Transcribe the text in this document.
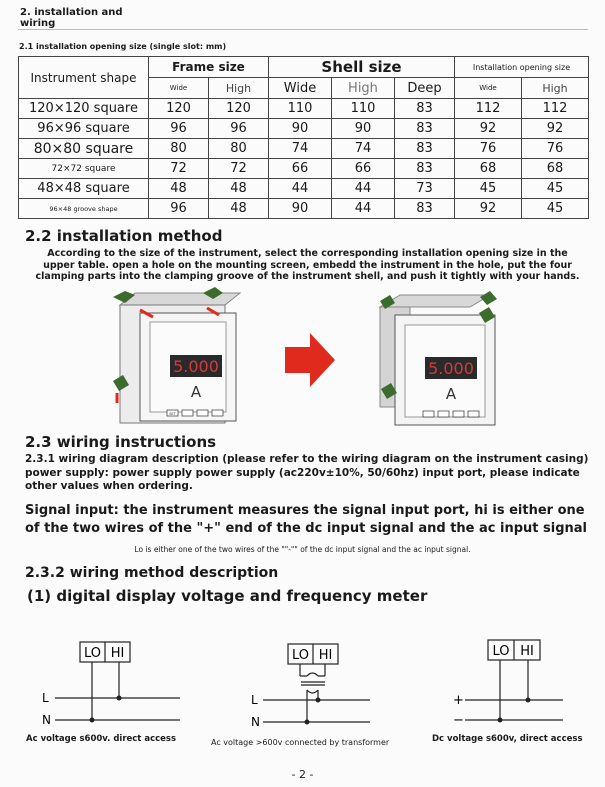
2. installation and wiring
2.1 installation opening size (single slot: mm)
Instrument shape	Frame size		Shell size			Installation opening size	
	Wide	High	Wide	High	Deep	Wide	High
120×120 square	120	120	110	110	83	112	112
96×96 square	96	96	90	90	83	92	92
80×80 square	80	80	74	74	83	76	76
72×72 square	72	72	66	66	83	68	68
48×48 square	48	48	44	44	73	45	45
96×48 groove shape	96	48	90	44	83	92	45
2.2 installation method
According to the size of the instrument, select the corresponding installation opening size in the upper table. open a hole on the mounting screen, embedd the instrument in the hole, put the four clamping parts into the clamping groove of the instrument shell, and push it tightly with your hands.
5.000
A
SET
5.000
A
2.3 wiring instructions
2.3.1 wiring diagram description (please refer to the wiring diagram on the instrument casing) power supply: power supply power supply (ac220v±10%, 50/60hz) input port, please indicate other values when ordering.
Signal input: the instrument measures the signal input port, hi is either one of the two wires of the "+" end of the dc input signal and the ac input signal
Lo is either one of the two wires of the ""-"" of the dc input signal and the ac input signal.
2.3.2 wiring method description
(1) digital display voltage and frequency meter
LO HI
L
N
Ac voltage s600v. direct access
LO HI
L
N
Ac voltage >600v connected by transformer
LO HI
+
−
Dc voltage s600v, direct access
- 2 -
